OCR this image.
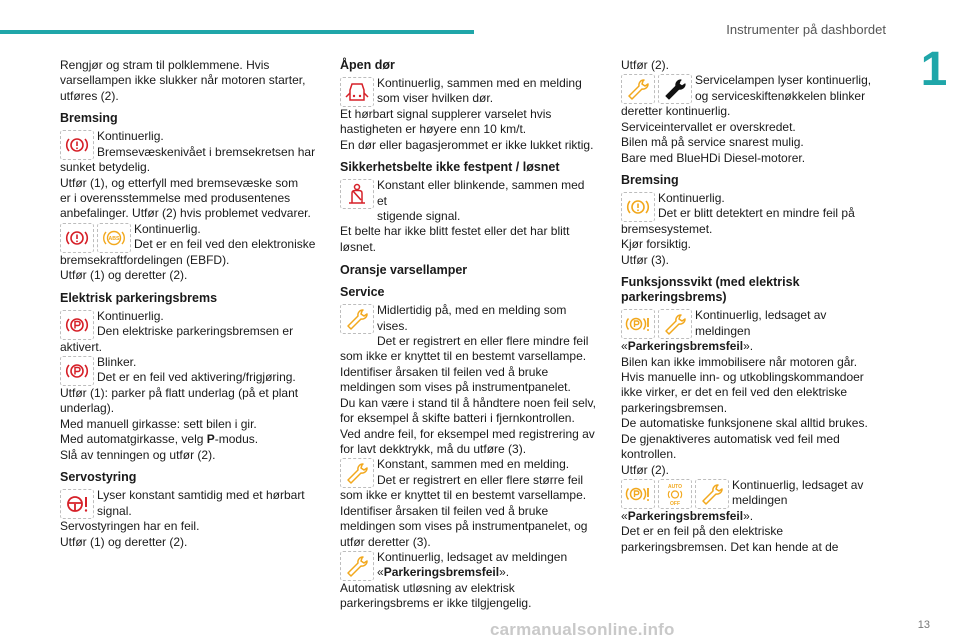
Instrumenter på dashbordet
1

Rengjør og stram til polklemmene. Hvis

varsellampen ikke slukker når motoren starter,

utføres (2).

Bremsing

Kontinuerlig.

Bremsevæskenivået i bremsekretsen har

sunket betydelig.

Utfør (1), og etterfyll med bremsevæske som

er i overensstemmelse med produsentenes

anbefalinger. Utfør (2) hvis problemet vedvarer.

ABS

Kontinuerlig.

Det er en feil ved den elektroniske

bremsekraftfordelingen (EBFD).

Utfør (1) og deretter (2).

Elektrisk parkeringsbrems

Kontinuerlig.

Den elektriske parkeringsbremsen er

aktivert.

Blinker.

Det er en feil ved aktivering/frigjøring.

Utfør (1): parker på flatt underlag (på et plant

underlag).

Med manuell girkasse: sett bilen i gir.

Med automatgirkasse, velg P-modus.

Slå av tenningen og utfør (2).

Servostyring

Lyser konstant samtidig med et hørbart

signal.

Servostyringen har en feil.

Utfør (1) og deretter (2).

Åpen dør

Kontinuerlig, sammen med en melding

som viser hvilken dør.

Et hørbart signal supplerer varselet hvis

hastigheten er høyere enn 10 km/t.

En dør eller bagasjerommet er ikke lukket riktig.

Sikkerhetsbelte ikke festpent / løsnet

Konstant eller blinkende, sammen med et

stigende signal.

Et belte har ikke blitt festet eller det har blitt

løsnet.

Oransje varsellamper
Service

Midlertidig på, med en melding som vises.

Det er registrert en eller flere mindre feil

som ikke er knyttet til en bestemt varsellampe.

Identifiser årsaken til feilen ved å bruke

meldingen som vises på instrumentpanelet.

Du kan være i stand til å håndtere noen feil selv,

for eksempel å skifte batteri i fjernkontrollen.

Ved andre feil, for eksempel med registrering av

for lavt dekktrykk, må du utføre (3).

Konstant, sammen med en melding.

Det er registrert en eller flere større feil

som ikke er knyttet til en bestemt varsellampe.

Identifiser årsaken til feilen ved å bruke

meldingen som vises på instrumentpanelet, og

utfør deretter (3).

Kontinuerlig, ledsaget av meldingen

«Parkeringsbremsfeil».

Automatisk utløsning av elektrisk

parkeringsbrems er ikke tilgjengelig.

Utfør (2).

Servicelampen lyser kontinuerlig,

og serviceskiftenøkkelen blinker

deretter kontinuerlig.

Serviceintervallet er overskredet.

Bilen må på service snarest mulig.

Bare med BlueHDi Diesel-motorer.

Bremsing

Kontinuerlig.

Det er blitt detektert en mindre feil på

bremsesystemet.

Kjør forsiktig.

Utfør (3).

Funksjonssvikt (med elektrisk parkeringsbrems)

Kontinuerlig, ledsaget av

meldingen

«Parkeringsbremsfeil».

Bilen kan ikke immobilisere når motoren går.

Hvis manuelle inn- og utkoblingskommandoer

ikke virker, er det en feil ved den elektriske

parkeringsbremsen.

De automatiske funksjonene skal alltid brukes.

De gjenaktiveres automatisk ved feil med

kontrollen.

Utfør (2).

AUTO
OFF

Kontinuerlig, ledsaget av

meldingen

«Parkeringsbremsfeil».

Det er en feil på den elektriske

parkeringsbremsen. Det kan hende at de

carmanualsonline.info	13
